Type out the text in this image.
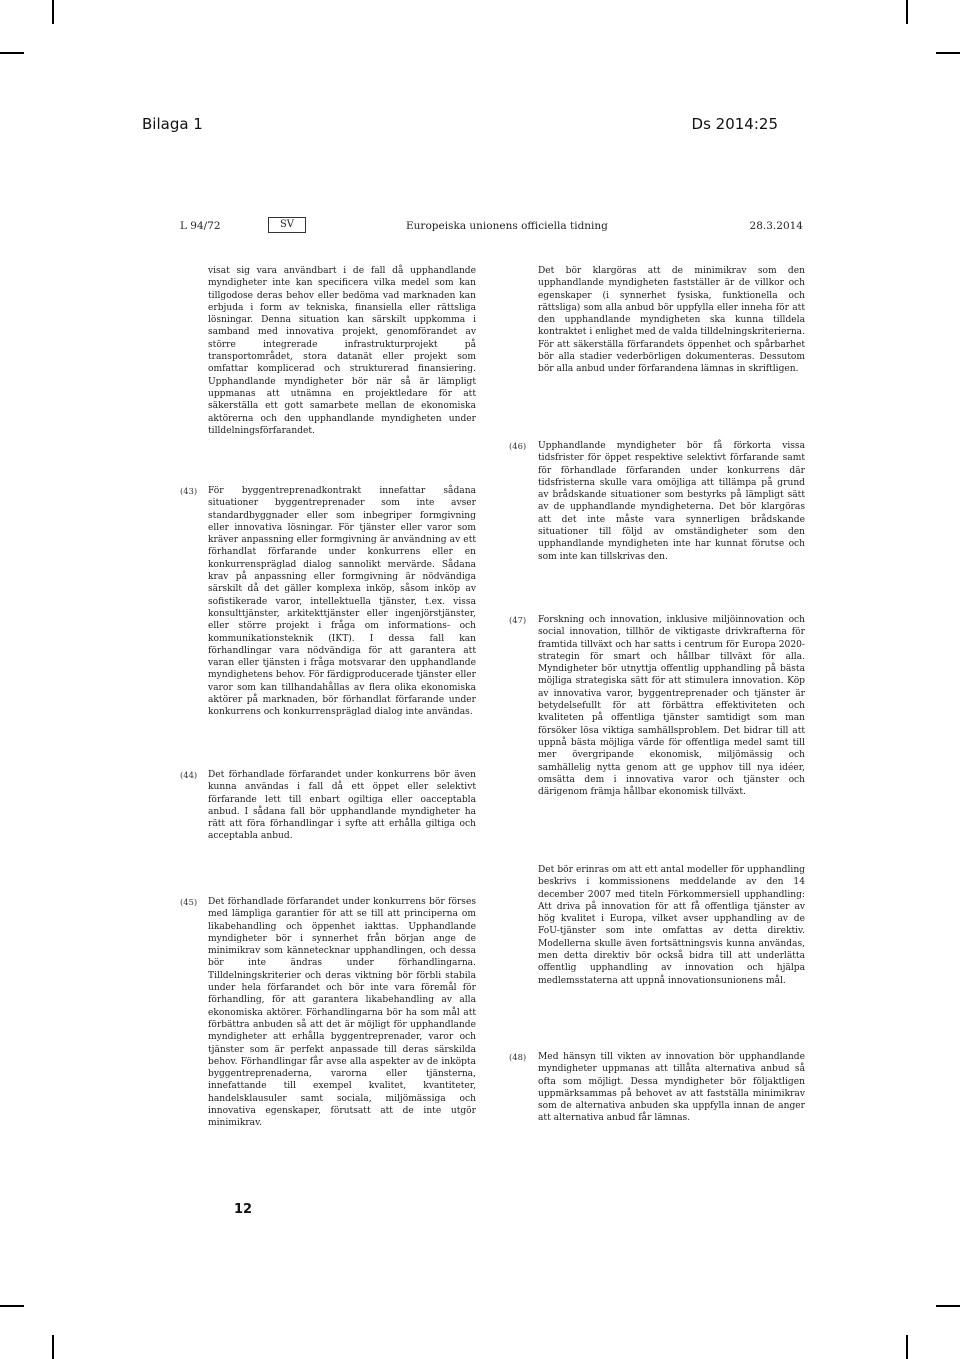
Bilaga 1	Ds 2014:25
L 94/72	SV	Europeiska unionens officiella tidning	28.3.2014

visat sig vara användbart i de fall då upphandlande myndigheter inte kan specificera vilka medel som kan tillgodose deras behov eller bedöma vad marknaden kan erbjuda i form av tekniska, finansiella eller rättsliga lösningar. Denna situation kan särskilt uppkomma i samband med innovativa projekt, genomförandet av större integrerade infrastrukturprojekt på transportområdet, stora datanät eller projekt som omfattar komplicerad och strukturerad finansiering. Upphandlande myndigheter bör när så är lämpligt uppmanas att utnämna en projektledare för att säkerställa ett gott samarbete mellan de ekonomiska aktörerna och den upphandlande myndigheten under tilldelningsförfarandet.

(43) För byggentreprenadkontrakt innefattar sådana situationer byggentreprenader som inte avser standardbyggnader eller som inbegriper formgivning eller innovativa lösningar. För tjänster eller varor som kräver anpassning eller formgivning är användning av ett förhandlat förfarande under konkurrens eller en konkurrenspräglad dialog sannolikt mervärde. Sådana krav på anpassning eller formgivning är nödvändiga särskilt då det gäller komplexa inköp, såsom inköp av sofistikerade varor, intellektuella tjänster, t.ex. vissa konsulttjänster, arkitekttjänster eller ingenjörstjänster, eller större projekt i fråga om informations- och kommunikationsteknik (IKT). I dessa fall kan förhandlingar vara nödvändiga för att garantera att varan eller tjänsten i fråga motsvarar den upphandlande myndighetens behov. För färdigproducerade tjänster eller varor som kan tillhandahållas av flera olika ekonomiska aktörer på marknaden, bör förhandlat förfarande under konkurrens och konkurrenspräglad dialog inte användas.

(44) Det förhandlade förfarandet under konkurrens bör även kunna användas i fall då ett öppet eller selektivt förfarande lett till enbart ogiltiga eller oacceptabla anbud. I sådana fall bör upphandlande myndigheter ha rätt att föra förhandlingar i syfte att erhålla giltiga och acceptabla anbud.

(45) Det förhandlade förfarandet under konkurrens bör förses med lämpliga garantier för att se till att principerna om likabehandling och öppenhet iakttas. Upphandlande myndigheter bör i synnerhet från början ange de minimikrav som kännetecknar upphandlingen, och dessa bör inte ändras under förhandlingarna. Tilldelningskriterier och deras viktning bör förbli stabila under hela förfarandet och bör inte vara föremål för förhandling, för att garantera likabehandling av alla ekonomiska aktörer. Förhandlingarna bör ha som mål att förbättra anbuden så att det är möjligt för upphandlande myndigheter att erhålla byggentreprenader, varor och tjänster som är perfekt anpassade till deras särskilda behov. Förhandlingar får avse alla aspekter av de inköpta byggentreprenaderna, varorna eller tjänsterna, innefattande till exempel kvalitet, kvantiteter, handelsklausuler samt sociala, miljömässiga och innovativa egenskaper, förutsatt att de inte utgör minimikrav.

Det bör klargöras att de minimikrav som den upphandlande myndigheten fastställer är de villkor och egenskaper (i synnerhet fysiska, funktionella och rättsliga) som alla anbud bör uppfylla eller inneha för att den upphandlande myndigheten ska kunna tilldela kontraktet i enlighet med de valda tilldelningskriterierna. För att säkerställa förfarandets öppenhet och spårbarhet bör alla stadier vederbörligen dokumenteras. Dessutom bör alla anbud under förfarandena lämnas in skriftligen.

(46) Upphandlande myndigheter bör få förkorta vissa tidsfrister för öppet respektive selektivt förfarande samt för förhandlade förfaranden under konkurrens där tidsfristerna skulle vara omöjliga att tillämpa på grund av brådskande situationer som bestyrks på lämpligt sätt av de upphandlande myndigheterna. Det bör klargöras att det inte måste vara synnerligen brådskande situationer till följd av omständigheter som den upphandlande myndigheten inte har kunnat förutse och som inte kan tillskrivas den.

(47) Forskning och innovation, inklusive miljöinnovation och social innovation, tillhör de viktigaste drivkrafterna för framtida tillväxt och har satts i centrum för Europa 2020-strategin för smart och hållbar tillväxt för alla. Myndigheter bör utnyttja offentlig upphandling på bästa möjliga strategiska sätt för att stimulera innovation. Köp av innovativa varor, byggentreprenader och tjänster är betydelsefullt för att förbättra effektiviteten och kvaliteten på offentliga tjänster samtidigt som man försöker lösa viktiga samhällsproblem. Det bidrar till att uppnå bästa möjliga värde för offentliga medel samt till mer övergripande ekonomisk, miljömässig och samhällelig nytta genom att ge upphov till nya idéer, omsätta dem i innovativa varor och tjänster och därigenom främja hållbar ekonomisk tillväxt.

Det bör erinras om att ett antal modeller för upphandling beskrivs i kommissionens meddelande av den 14 december 2007 med titeln Förkommersiell upphandling: Att driva på innovation för att få offentliga tjänster av hög kvalitet i Europa, vilket avser upphandling av de FoU-tjänster som inte omfattas av detta direktiv. Modellerna skulle även fortsättningsvis kunna användas, men detta direktiv bör också bidra till att underlätta offentlig upphandling av innovation och hjälpa medlemsstaterna att uppnå innovationsunionens mål.

(48) Med hänsyn till vikten av innovation bör upphandlande myndigheter uppmanas att tillåta alternativa anbud så ofta som möjligt. Dessa myndigheter bör följaktligen uppmärksammas på behovet av att fastställa minimikrav som de alternativa anbuden ska uppfylla innan de anger att alternativa anbud får lämnas.

12
